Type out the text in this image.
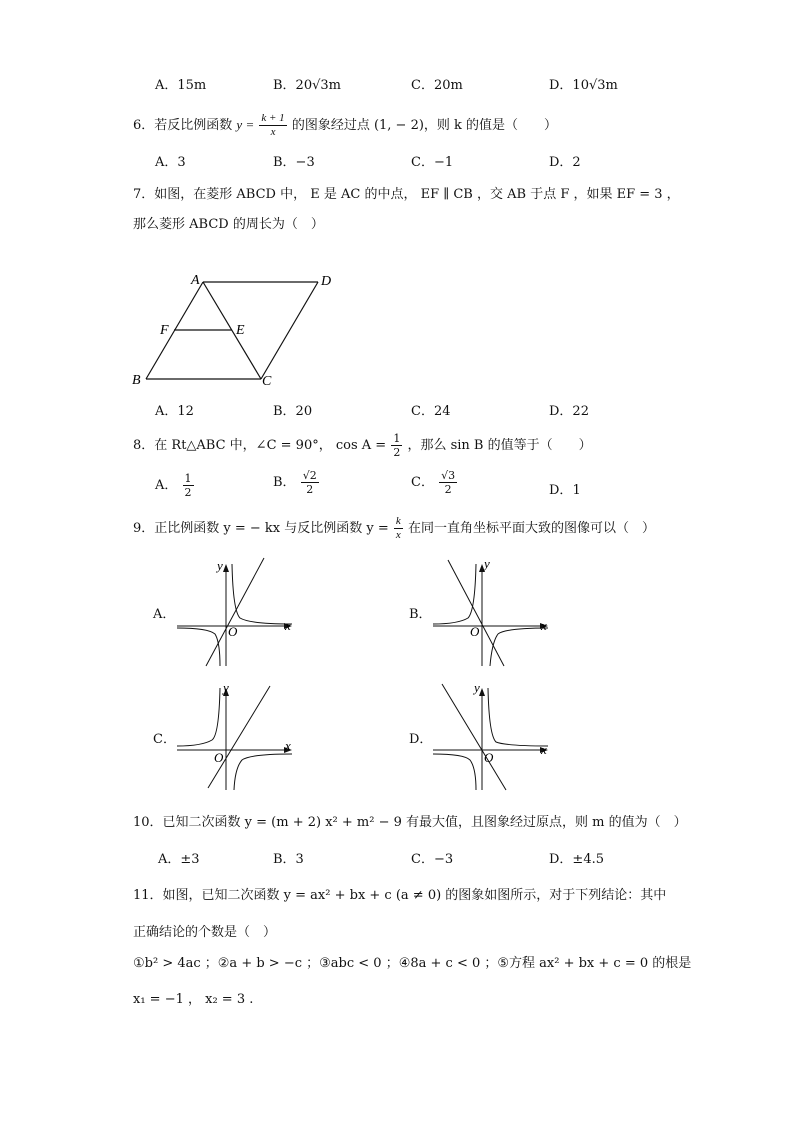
A．15m	B．20√3m	C．20m	D．10√3m
6．若反比例函数 $y = \frac{k + 1}{x}$ 的图象经过点 (1, − 2)，则 k 的值是（　　）
A．3	B．−3	C．−1	D．2
7．如图，在菱形 ABCD 中， E 是 AC 的中点， EF ∥ CB ，交 AB 于点 F ，如果 EF = 3 ，
那么菱形 ABCD 的周长为（　）
A	D
F	E
B	C
A．12	B．20	C．24	D．22
8．在 Rt△ABC 中，∠C = 90°， $\cos A = \frac{1}{2}$ ，那么 sin B 的值等于（　　）
A． $\frac{1}{2}$	B． $\frac{√2}{2}$	C． $\frac{√3}{2}$	D．1
9．正比例函数 y = − kx 与反比例函数 $y = \frac{k}{x}$ 在同一直角坐标平面大致的图像可以（　）
A．
x
y
O
B．
x
y
O
C．	x
y
O
D．
x
y
O
10．已知二次函数 y = (m + 2) x² + m² − 9 有最大值，且图象经过原点，则 m 的值为（　）
A．±3	B．3	C．−3	D．±4.5
11．如图，已知二次函数 y = ax² + bx + c (a ≠ 0) 的图象如图所示，对于下列结论：其中
正确结论的个数是（　）
①b² > 4ac ；②a + b > −c ；③abc < 0 ；④8a + c < 0 ；⑤方程 ax² + bx + c = 0 的根是
x₁ = −1 ， x₂ = 3 .
